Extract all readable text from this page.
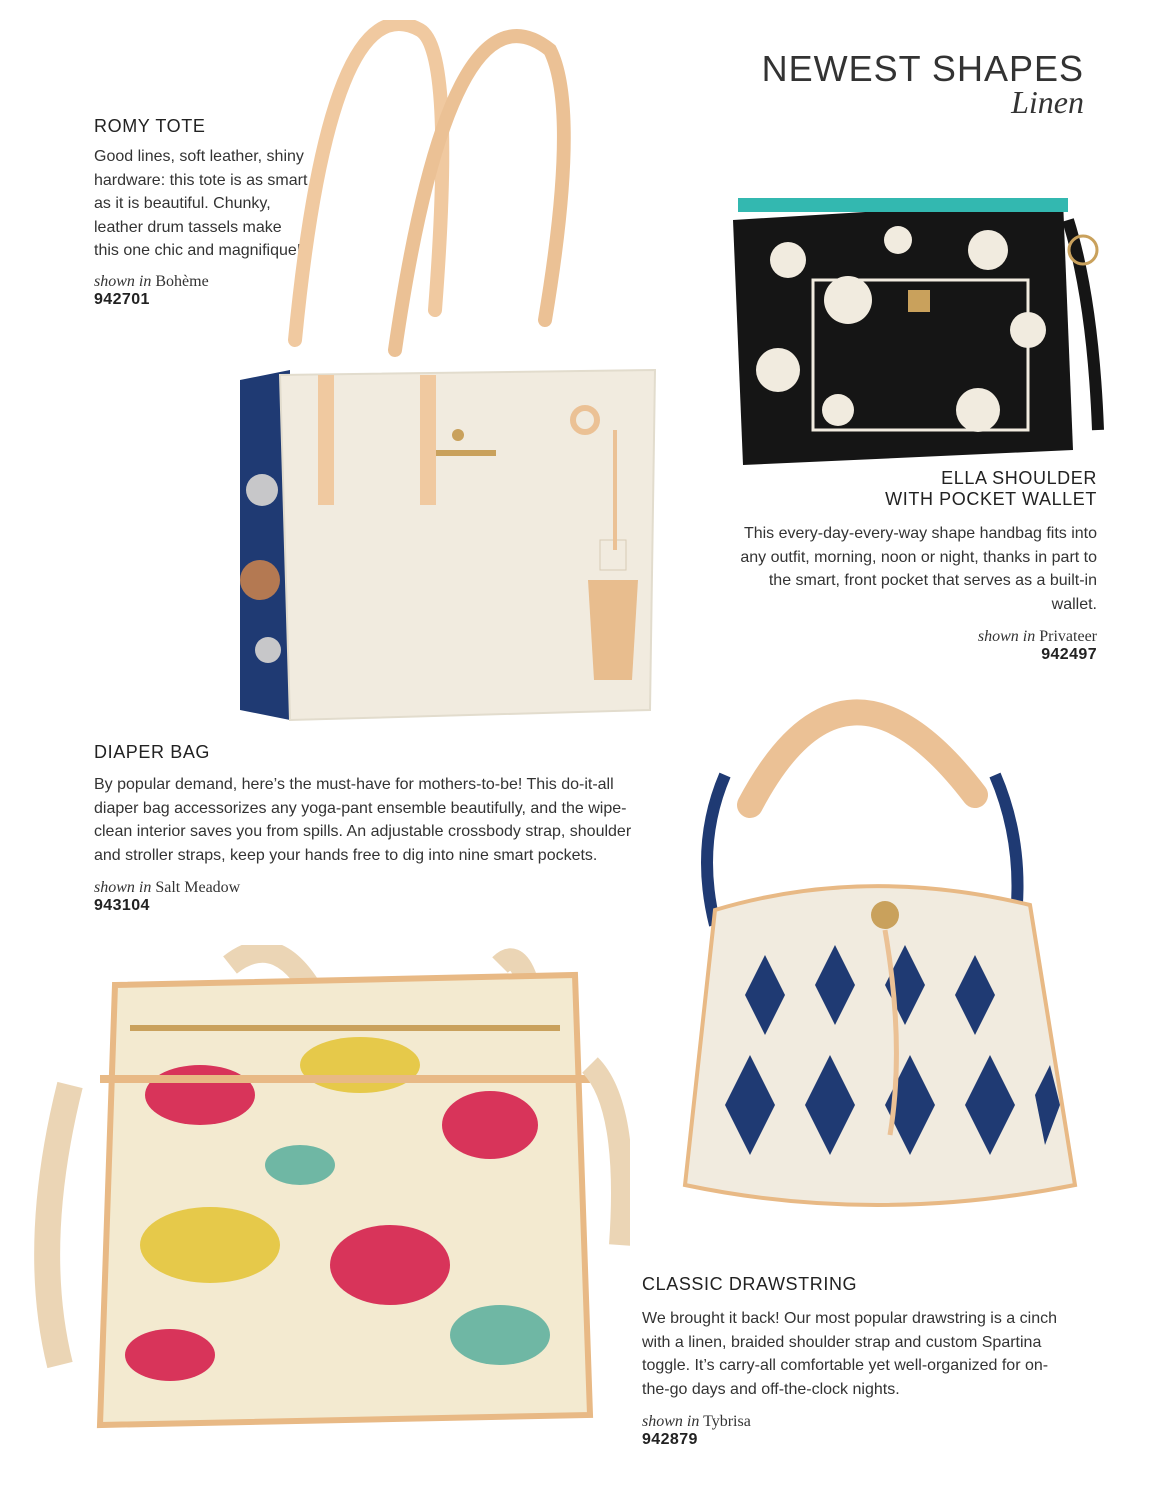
NEWEST SHAPES
Linen
ROMY TOTE
Good lines, soft leather, shiny hardware: this tote is as smart as it is beautiful. Chunky, leather drum tassels make this one chic and magnifique!
shown in Bohème
942701
ELLA SHOULDER
WITH POCKET WALLET
This every-day-every-way shape handbag fits into any outfit, morning, noon or night, thanks in part to the smart, front pocket that serves as a built-in wallet.
shown in Privateer
942497
DIAPER BAG
By popular demand, here’s the must-have for mothers-to-be! This do-it-all diaper bag accessorizes any yoga-pant ensemble beautifully, and the wipe-clean interior saves you from spills. An adjustable crossbody strap, shoulder and stroller straps, keep your hands free to dig into nine smart pockets.
shown in Salt Meadow
943104
CLASSIC DRAWSTRING
We brought it back! Our most popular drawstring is a cinch with a linen, braided shoulder strap and custom Spartina toggle. It’s carry-all comfortable yet well-organized for on-the-go days and off-the-clock nights.
shown in Tybrisa
942879
